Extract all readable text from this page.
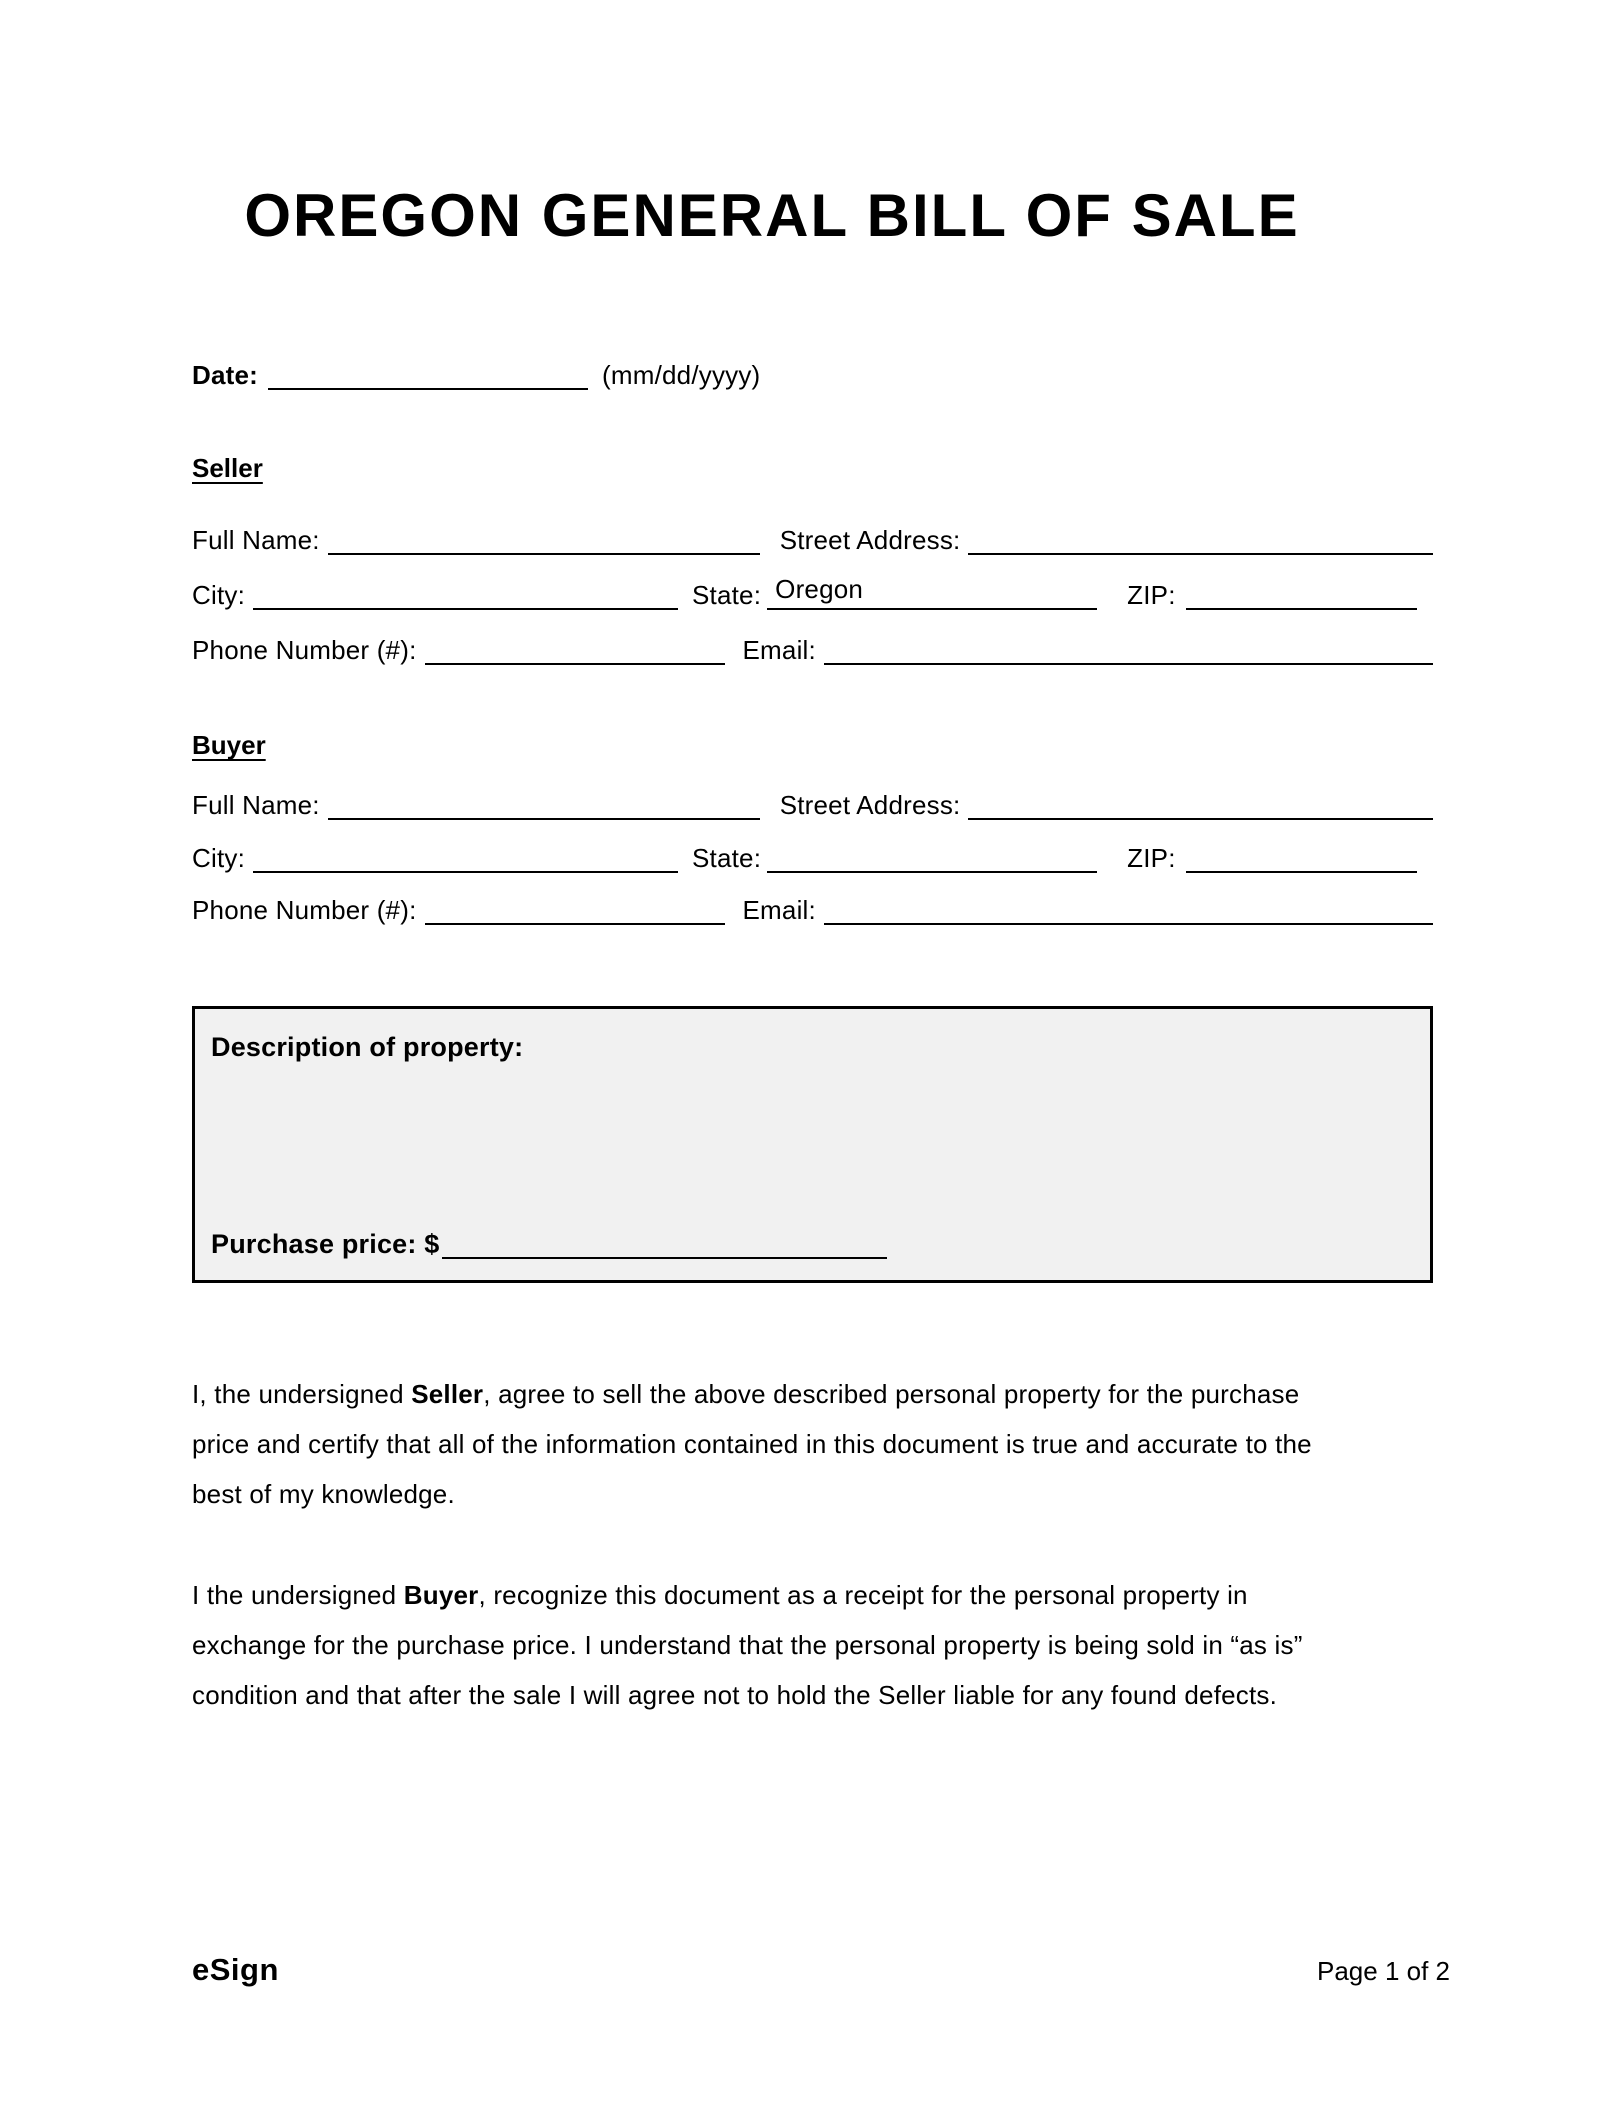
OREGON GENERAL BILL OF SALE
Date:	(mm/dd/yyyy)
Seller
Full Name:	Street Address:
City:	State: Oregon	ZIP:
Phone Number (#):	Email:
Buyer
Full Name:	Street Address:
City:	State:	ZIP:
Phone Number (#):	Email:
Description of property:
Purchase price: $
I, the undersigned Seller, agree to sell the above described personal property for the purchase
price and certify that all of the information contained in this document is true and accurate to the
best of my knowledge.
I the undersigned Buyer, recognize this document as a receipt for the personal property in
exchange for the purchase price. I understand that the personal property is being sold in “as is”
condition and that after the sale I will agree not to hold the Seller liable for any found defects.
eSign	Page 1 of 2
